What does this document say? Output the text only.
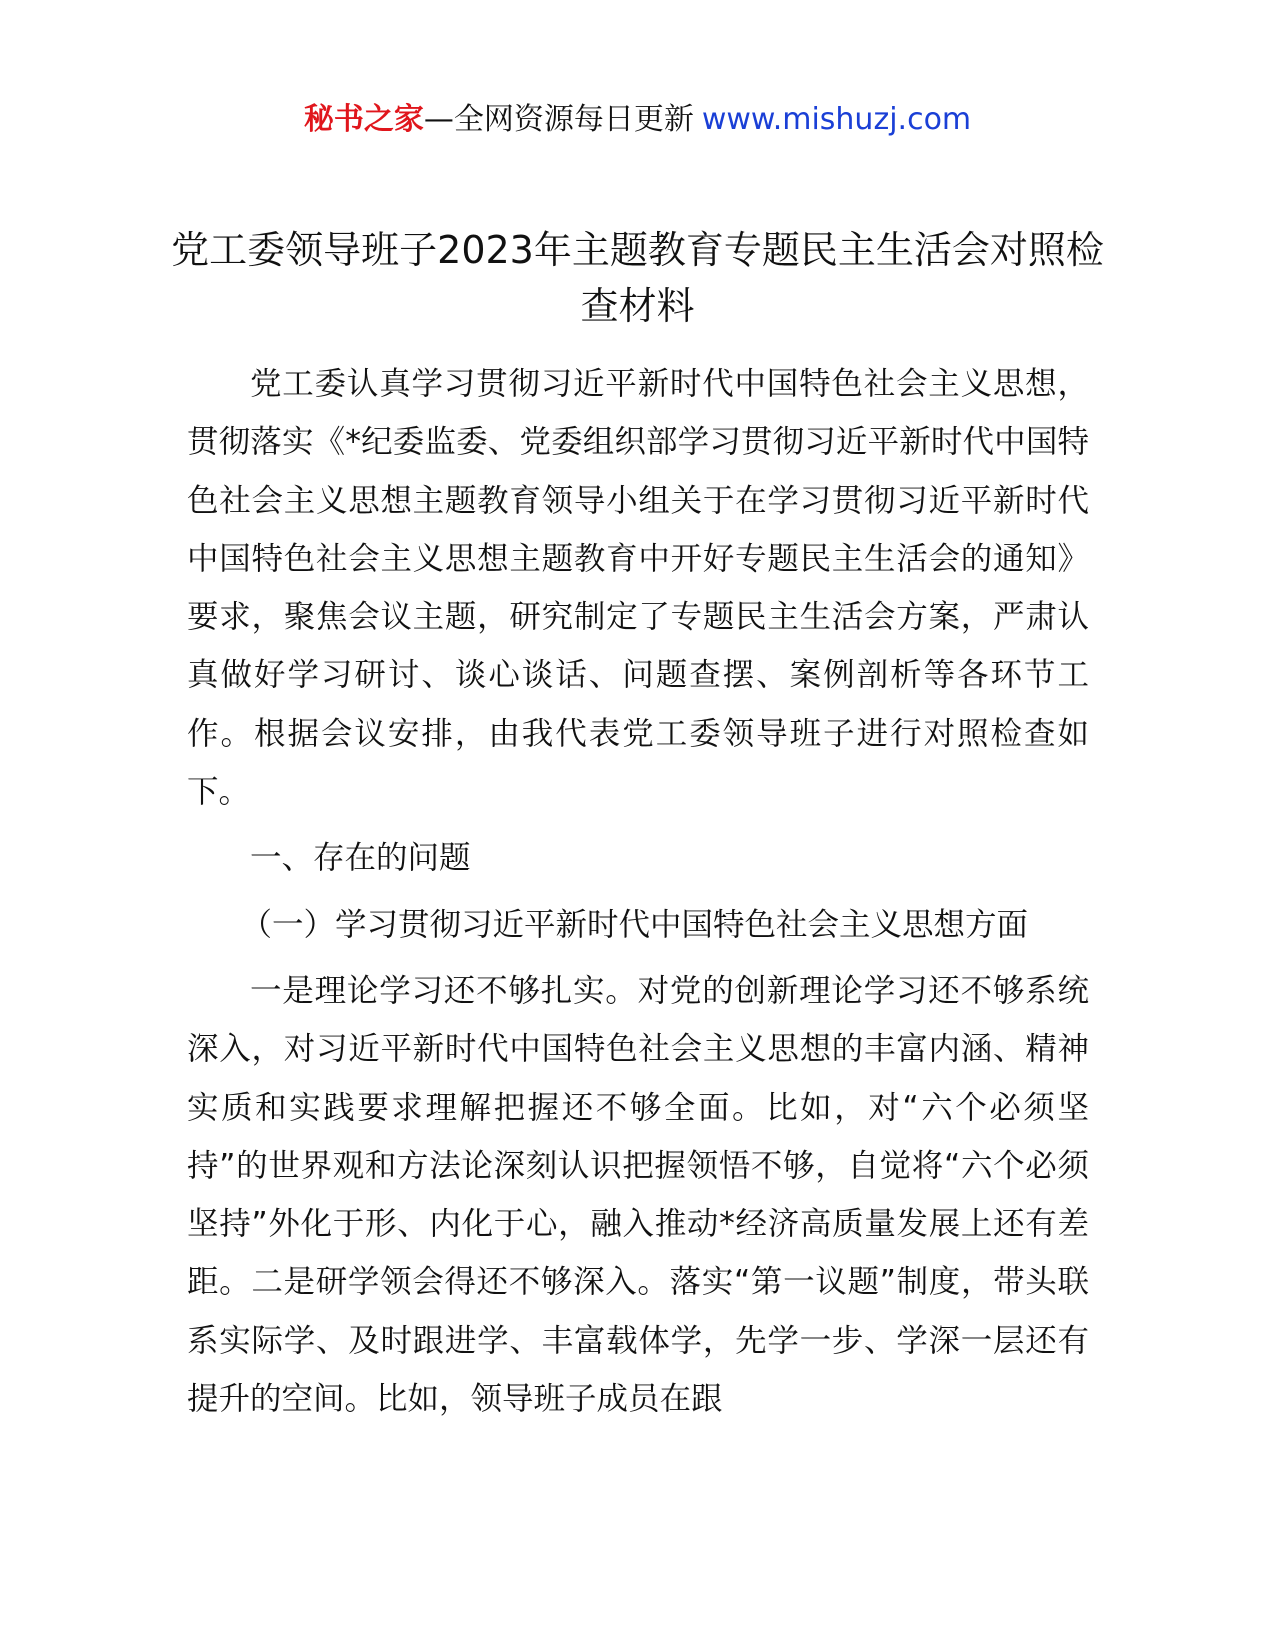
秘书之家—全网资源每日更新 www.mishuzj.com
党工委领导班子2023年主题教育专题民主生活会对照检查材料

党工委认真学习贯彻习近平新时代中国特色社会主义思想，贯彻落实《*纪委监委、党委组织部学习贯彻习近平新时代中国特色社会主义思想主题教育领导小组关于在学习贯彻习近平新时代中国特色社会主义思想主题教育中开好专题民主生活会的通知》要求，聚焦会议主题，研究制定了专题民主生活会方案，严肃认真做好学习研讨、谈心谈话、问题查摆、案例剖析等各环节工作。根据会议安排，由我代表党工委领导班子进行对照检查如下。

一、存在的问题

（一）学习贯彻习近平新时代中国特色社会主义思想方面

一是理论学习还不够扎实。对党的创新理论学习还不够系统深入，对习近平新时代中国特色社会主义思想的丰富内涵、精神实质和实践要求理解把握还不够全面。比如，对“六个必须坚持”的世界观和方法论深刻认识把握领悟不够，自觉将“六个必须坚持”外化于形、内化于心，融入推动*经济高质量发展上还有差距。二是研学领会得还不够深入。落实“第一议题”制度，带头联系实际学、及时跟进学、丰富载体学，先学一步、学深一层还有提升的空间。比如，领导班子成员在跟
